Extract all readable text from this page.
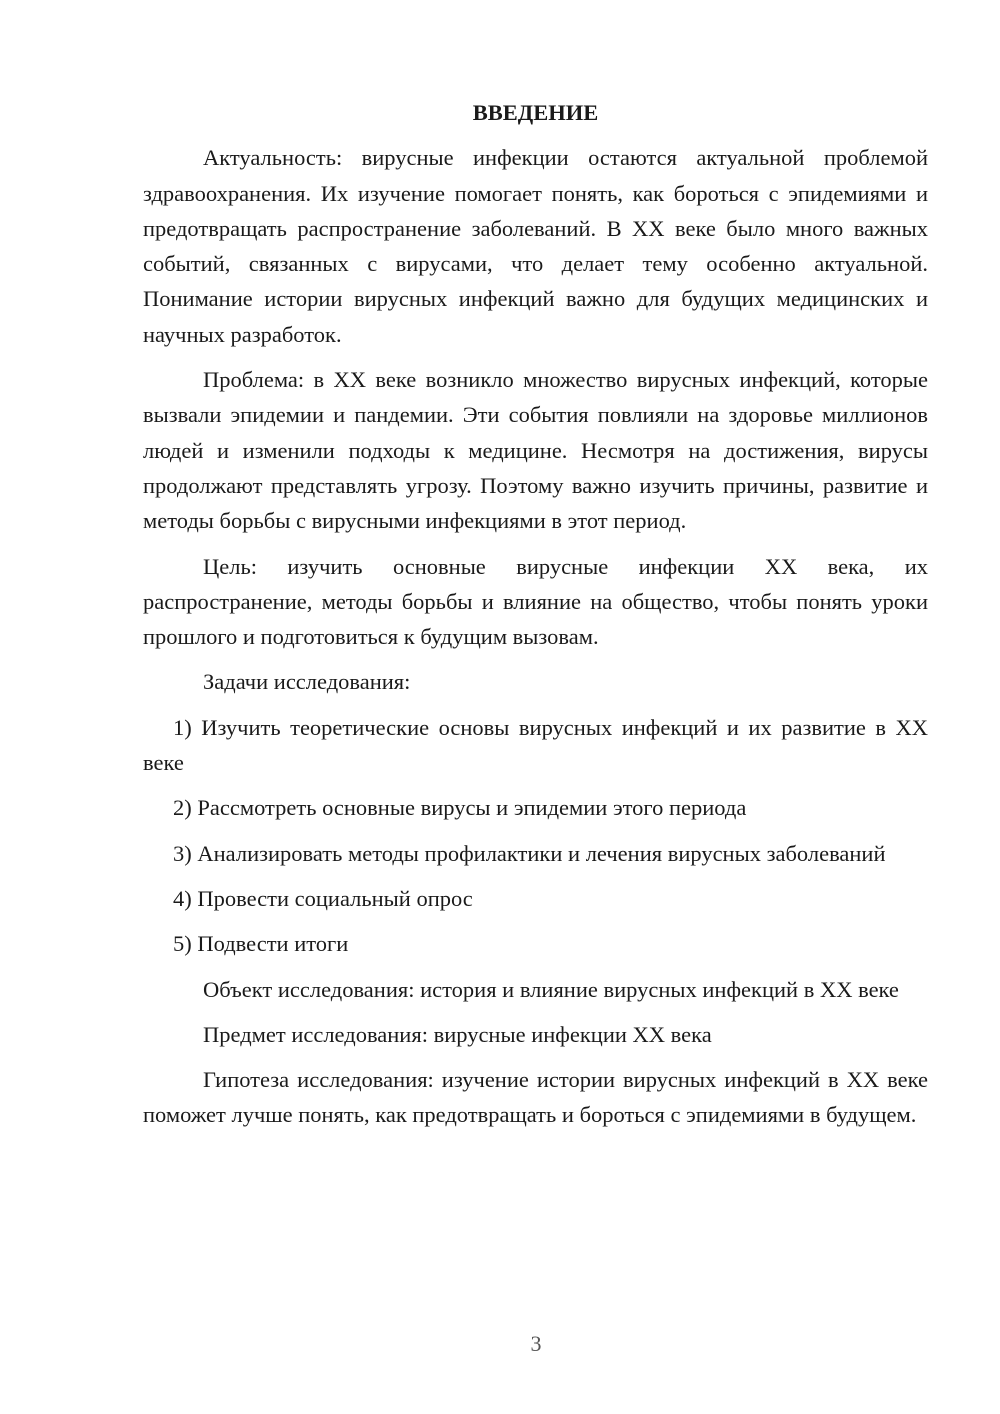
ВВЕДЕНИЕ

Актуальность: вирусные инфекции остаются актуальной проблемой здравоохранения. Их изучение помогает понять, как бороться с эпидемиями и предотвращать распространение заболеваний. В XX веке было много важных событий, связанных с вирусами, что делает тему особенно актуальной. Понимание истории вирусных инфекций важно для будущих медицинских и научных разработок.

Проблема: в XX веке возникло множество вирусных инфекций, которые вызвали эпидемии и пандемии. Эти события повлияли на здоровье миллионов людей и изменили подходы к медицине. Несмотря на достижения, вирусы продолжают представлять угрозу. Поэтому важно изучить причины, развитие и методы борьбы с вирусными инфекциями в этот период.

Цель: изучить основные вирусные инфекции XX века, их распространение, методы борьбы и влияние на общество, чтобы понять уроки прошлого и подготовиться к будущим вызовам.

Задачи исследования:

1) Изучить теоретические основы вирусных инфекций и их развитие в XX веке

2) Рассмотреть основные вирусы и эпидемии этого периода

3) Анализировать методы профилактики и лечения вирусных заболеваний

4) Провести социальный опрос

5) Подвести итоги

Объект исследования: история и влияние вирусных инфекций в XX веке

Предмет исследования: вирусные инфекции XX века

Гипотеза исследования: изучение истории вирусных инфекций в XX веке поможет лучше понять, как предотвращать и бороться с эпидемиями в будущем.

3
